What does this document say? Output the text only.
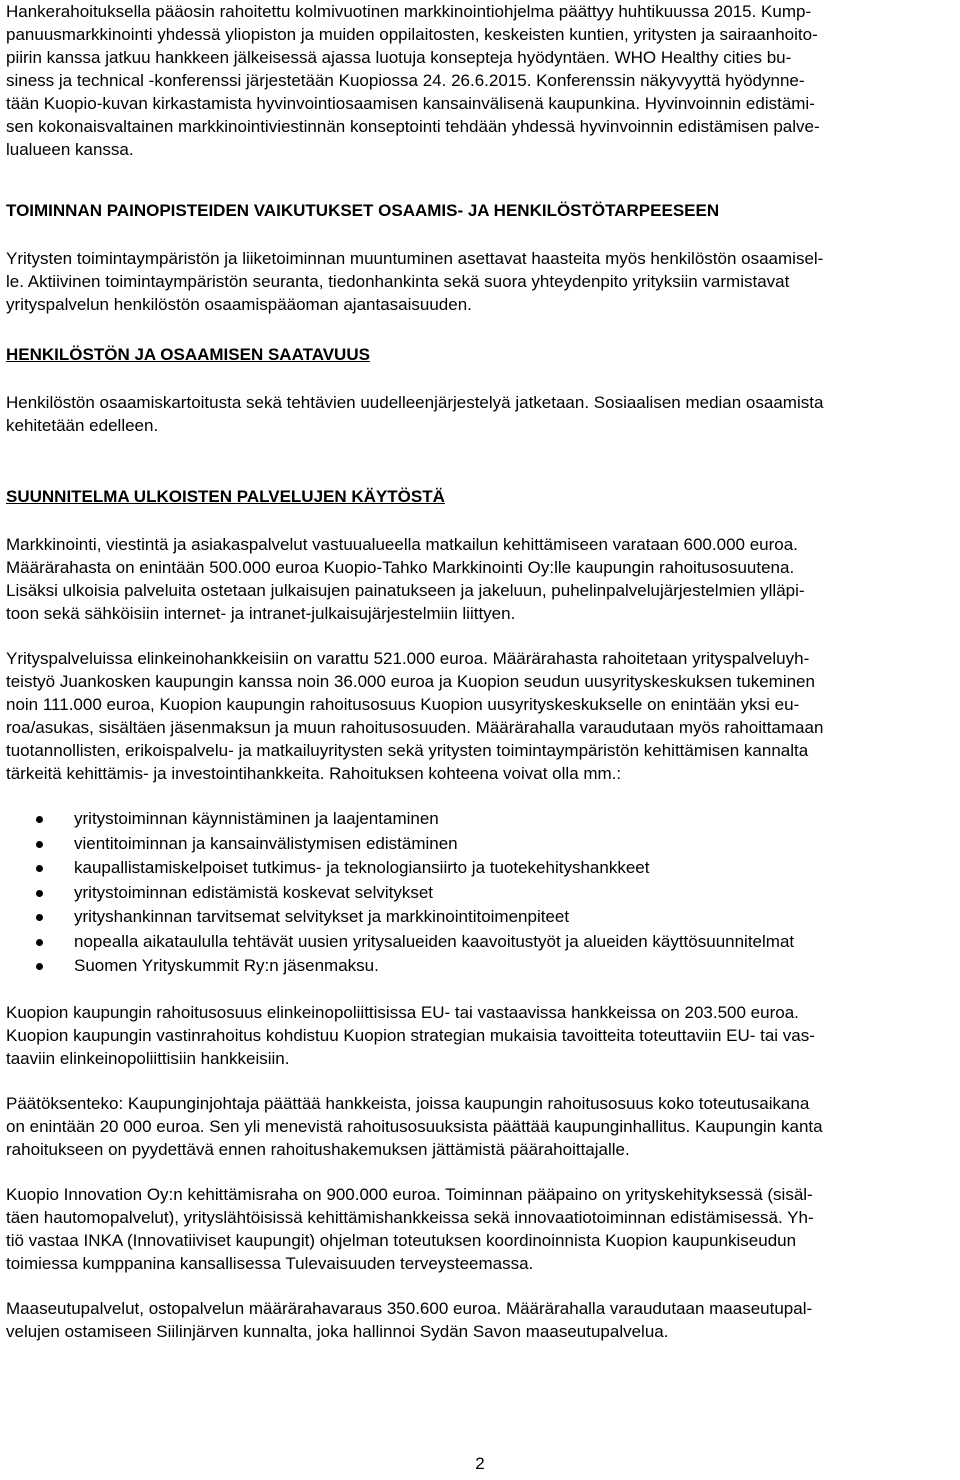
Hankerahoituksella pääosin rahoitettu kolmivuotinen markkinointiohjelma päättyy huhtikuussa 2015. Kump-
panuusmarkkinointi yhdessä yliopiston ja muiden oppilaitosten, keskeisten kuntien, yritysten ja sairaanhoito-
piirin kanssa jatkuu hankkeen jälkeisessä ajassa luotuja konsepteja hyödyntäen. WHO Healthy cities bu-
siness ja technical -konferenssi järjestetään Kuopiossa 24. 26.6.2015. Konferenssin näkyvyyttä hyödynne-
tään Kuopio-kuvan kirkastamista hyvinvointiosaamisen kansainvälisenä kaupunkina. Hyvinvoinnin edistämi-
sen kokonaisvaltainen markkinointiviestinnän konseptointi tehdään yhdessä hyvinvoinnin edistämisen palve-
lualueen kanssa.

TOIMINNAN PAINOPISTEIDEN VAIKUTUKSET OSAAMIS- JA HENKILÖSTÖTARPEESEEN

Yritysten toimintaympäristön ja liiketoiminnan muuntuminen asettavat haasteita myös henkilöstön osaamisel-
le. Aktiivinen toimintaympäristön seuranta, tiedonhankinta sekä suora yhteydenpito yrityksiin varmistavat
yrityspalvelun henkilöstön osaamispääoman ajantasaisuuden.

HENKILÖSTÖN JA OSAAMISEN SAATAVUUS

Henkilöstön osaamiskartoitusta sekä tehtävien uudelleenjärjestelyä jatketaan. Sosiaalisen median osaamista
kehitetään edelleen.

SUUNNITELMA ULKOISTEN PALVELUJEN KÄYTÖSTÄ

Markkinointi, viestintä ja asiakaspalvelut vastuualueella matkailun kehittämiseen varataan 600.000 euroa.
Määrärahasta on enintään 500.000 euroa Kuopio-Tahko Markkinointi Oy:lle kaupungin rahoitusosuutena.
Lisäksi ulkoisia palveluita ostetaan julkaisujen painatukseen ja jakeluun, puhelinpalvelujärjestelmien ylläpi-
toon sekä sähköisiin internet- ja intranet-julkaisujärjestelmiin liittyen.

Yrityspalveluissa elinkeinohankkeisiin on varattu 521.000 euroa. Määrärahasta rahoitetaan yrityspalveluyh-
teistyö Juankosken kaupungin kanssa noin 36.000 euroa ja Kuopion seudun uusyrityskeskuksen tukeminen
noin 111.000 euroa, Kuopion kaupungin rahoitusosuus Kuopion uusyrityskeskukselle on enintään yksi eu-
roa/asukas, sisältäen jäsenmaksun ja muun rahoitusosuuden. Määrärahalla varaudutaan myös rahoittamaan
tuotannollisten, erikoispalvelu- ja matkailuyritysten sekä yritysten toimintaympäristön kehittämisen kannalta
tärkeitä kehittämis- ja investointihankkeita. Rahoituksen kohteena voivat olla mm.:

yritystoiminnan käynnistäminen ja laajentaminen
vientitoiminnan ja kansainvälistymisen edistäminen
kaupallistamiskelpoiset tutkimus- ja teknologiansiirto ja tuotekehityshankkeet
yritystoiminnan edistämistä koskevat selvitykset
yrityshankinnan tarvitsemat selvitykset ja markkinointitoimenpiteet
nopealla aikataululla tehtävät uusien yritysalueiden kaavoitustyöt ja alueiden käyttösuunnitelmat
Suomen Yrityskummit Ry:n jäsenmaksu.

Kuopion kaupungin rahoitusosuus elinkeinopoliittisissa EU- tai vastaavissa hankkeissa on 203.500 euroa.
Kuopion kaupungin vastinrahoitus kohdistuu Kuopion strategian mukaisia tavoitteita toteuttaviin EU- tai vas-
taaviin elinkeinopoliittisiin hankkeisiin.

Päätöksenteko: Kaupunginjohtaja päättää hankkeista, joissa kaupungin rahoitusosuus koko toteutusaikana
on enintään 20 000 euroa. Sen yli menevistä rahoitusosuuksista päättää kaupunginhallitus. Kaupungin kanta
rahoitukseen on pyydettävä ennen rahoitushakemuksen jättämistä päärahoittajalle.

Kuopio Innovation Oy:n kehittämisraha on 900.000 euroa. Toiminnan pääpaino on yrityskehityksessä (sisäl-
täen hautomopalvelut), yrityslähtöisissä kehittämishankkeissa sekä innovaatiotoiminnan edistämisessä. Yh-
tiö vastaa INKA (Innovatiiviset kaupungit) ohjelman toteutuksen koordinoinnista Kuopion kaupunkiseudun
toimiessa kumppanina kansallisessa Tulevaisuuden terveysteemassa.

Maaseutupalvelut, ostopalvelun määrärahavaraus 350.600 euroa. Määrärahalla varaudutaan maaseutupal-
velujen ostamiseen Siilinjärven kunnalta, joka hallinnoi Sydän Savon maaseutupalvelua.

2
